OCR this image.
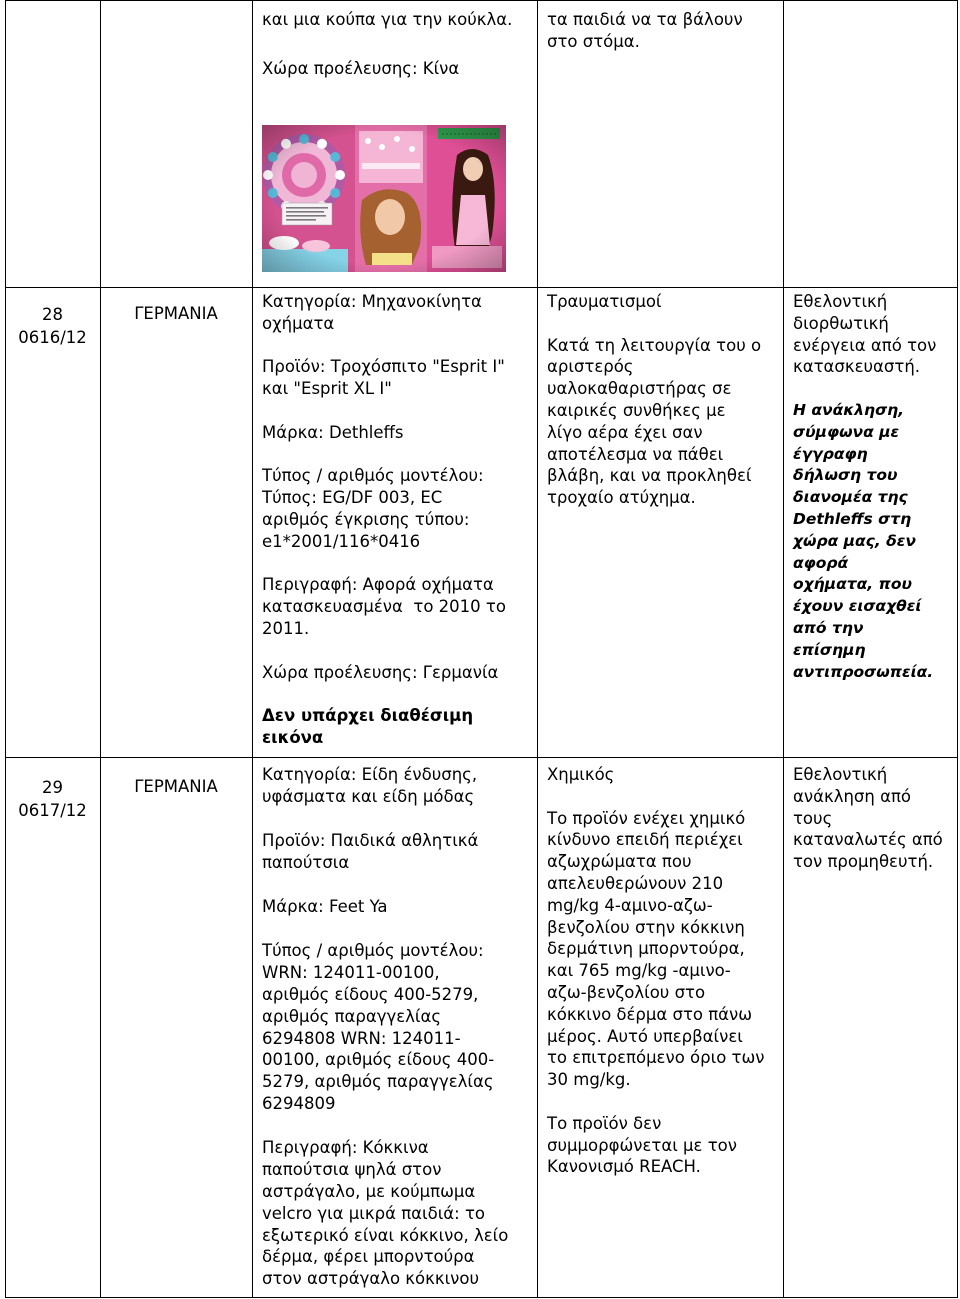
και μια κούπα για την κούκλα.

Χώρα προέλευσης: Κίνα

τα παιδιά να τα βάλουν
στο στόμα.

28
0616/12
ΓΕΡΜΑΝΙΑ

Κατηγορία: Μηχανοκίνητα
οχήματα

Προϊόν: Τροχόσπιτο "Esprit I"
και "Esprit XL I"

Μάρκα: Dethleffs

Τύπος / αριθμός μοντέλου:
Τύπος: EG/DF 003, EC
αριθμός έγκρισης τύπου:
e1*2001/116*0416

Περιγραφή: Αφορά οχήματα
κατασκευασμένα  το 2010 το
2011.

Χώρα προέλευσης: Γερμανία

Δεν υπάρχει διαθέσιμη
εικόνα

Τραυματισμοί

Κατά τη λειτουργία του ο
αριστερός
υαλοκαθαριστήρας σε
καιρικές συνθήκες με
λίγο αέρα έχει σαν
αποτέλεσμα να πάθει
βλάβη, και να προκληθεί
τροχαίο ατύχημα.

Εθελοντική
διορθωτική
ενέργεια από τον
κατασκευαστή.

Η ανάκληση,
σύμφωνα με
έγγραφη
δήλωση του
διανομέα της
Dethleffs στη
χώρα μας, δεν
αφορά
οχήματα, που
έχουν εισαχθεί
από την
επίσημη
αντιπροσωπεία.

29
0617/12
ΓΕΡΜΑΝΙΑ

Κατηγορία: Είδη ένδυσης,
υφάσματα και είδη μόδας

Προϊόν: Παιδικά αθλητικά
παπούτσια

Μάρκα: Feet Ya

Τύπος / αριθμός μοντέλου:
WRN: 124011-00100,
αριθμός είδους 400-5279,
αριθμός παραγγελίας
6294808 WRN: 124011-
00100, αριθμός είδους 400-
5279, αριθμός παραγγελίας
6294809

Περιγραφή: Κόκκινα
παπούτσια ψηλά στον
αστράγαλο, με κούμπωμα
velcro για μικρά παιδιά: το
εξωτερικό είναι κόκκινο, λείο
δέρμα, φέρει μπορντούρα
στον αστράγαλο κόκκινου

Χημικός

Το προϊόν ενέχει χημικό
κίνδυνο επειδή περιέχει
αζωχρώματα που
απελευθερώνουν 210
mg/kg 4-αμινο-αζω-
βενζολίου στην κόκκινη
δερμάτινη μπορντούρα,
και 765 mg/kg -αμινο-
αζω-βενζολίου στο
κόκκινο δέρμα στο πάνω
μέρος. Αυτό υπερβαίνει
το επιτρεπόμενο όριο των
30 mg/kg.

Το προϊόν δεν
συμμορφώνεται με τον
Κανονισμό REACH.

Εθελοντική
ανάκληση από
τους
καταναλωτές από
τον προμηθευτή.
